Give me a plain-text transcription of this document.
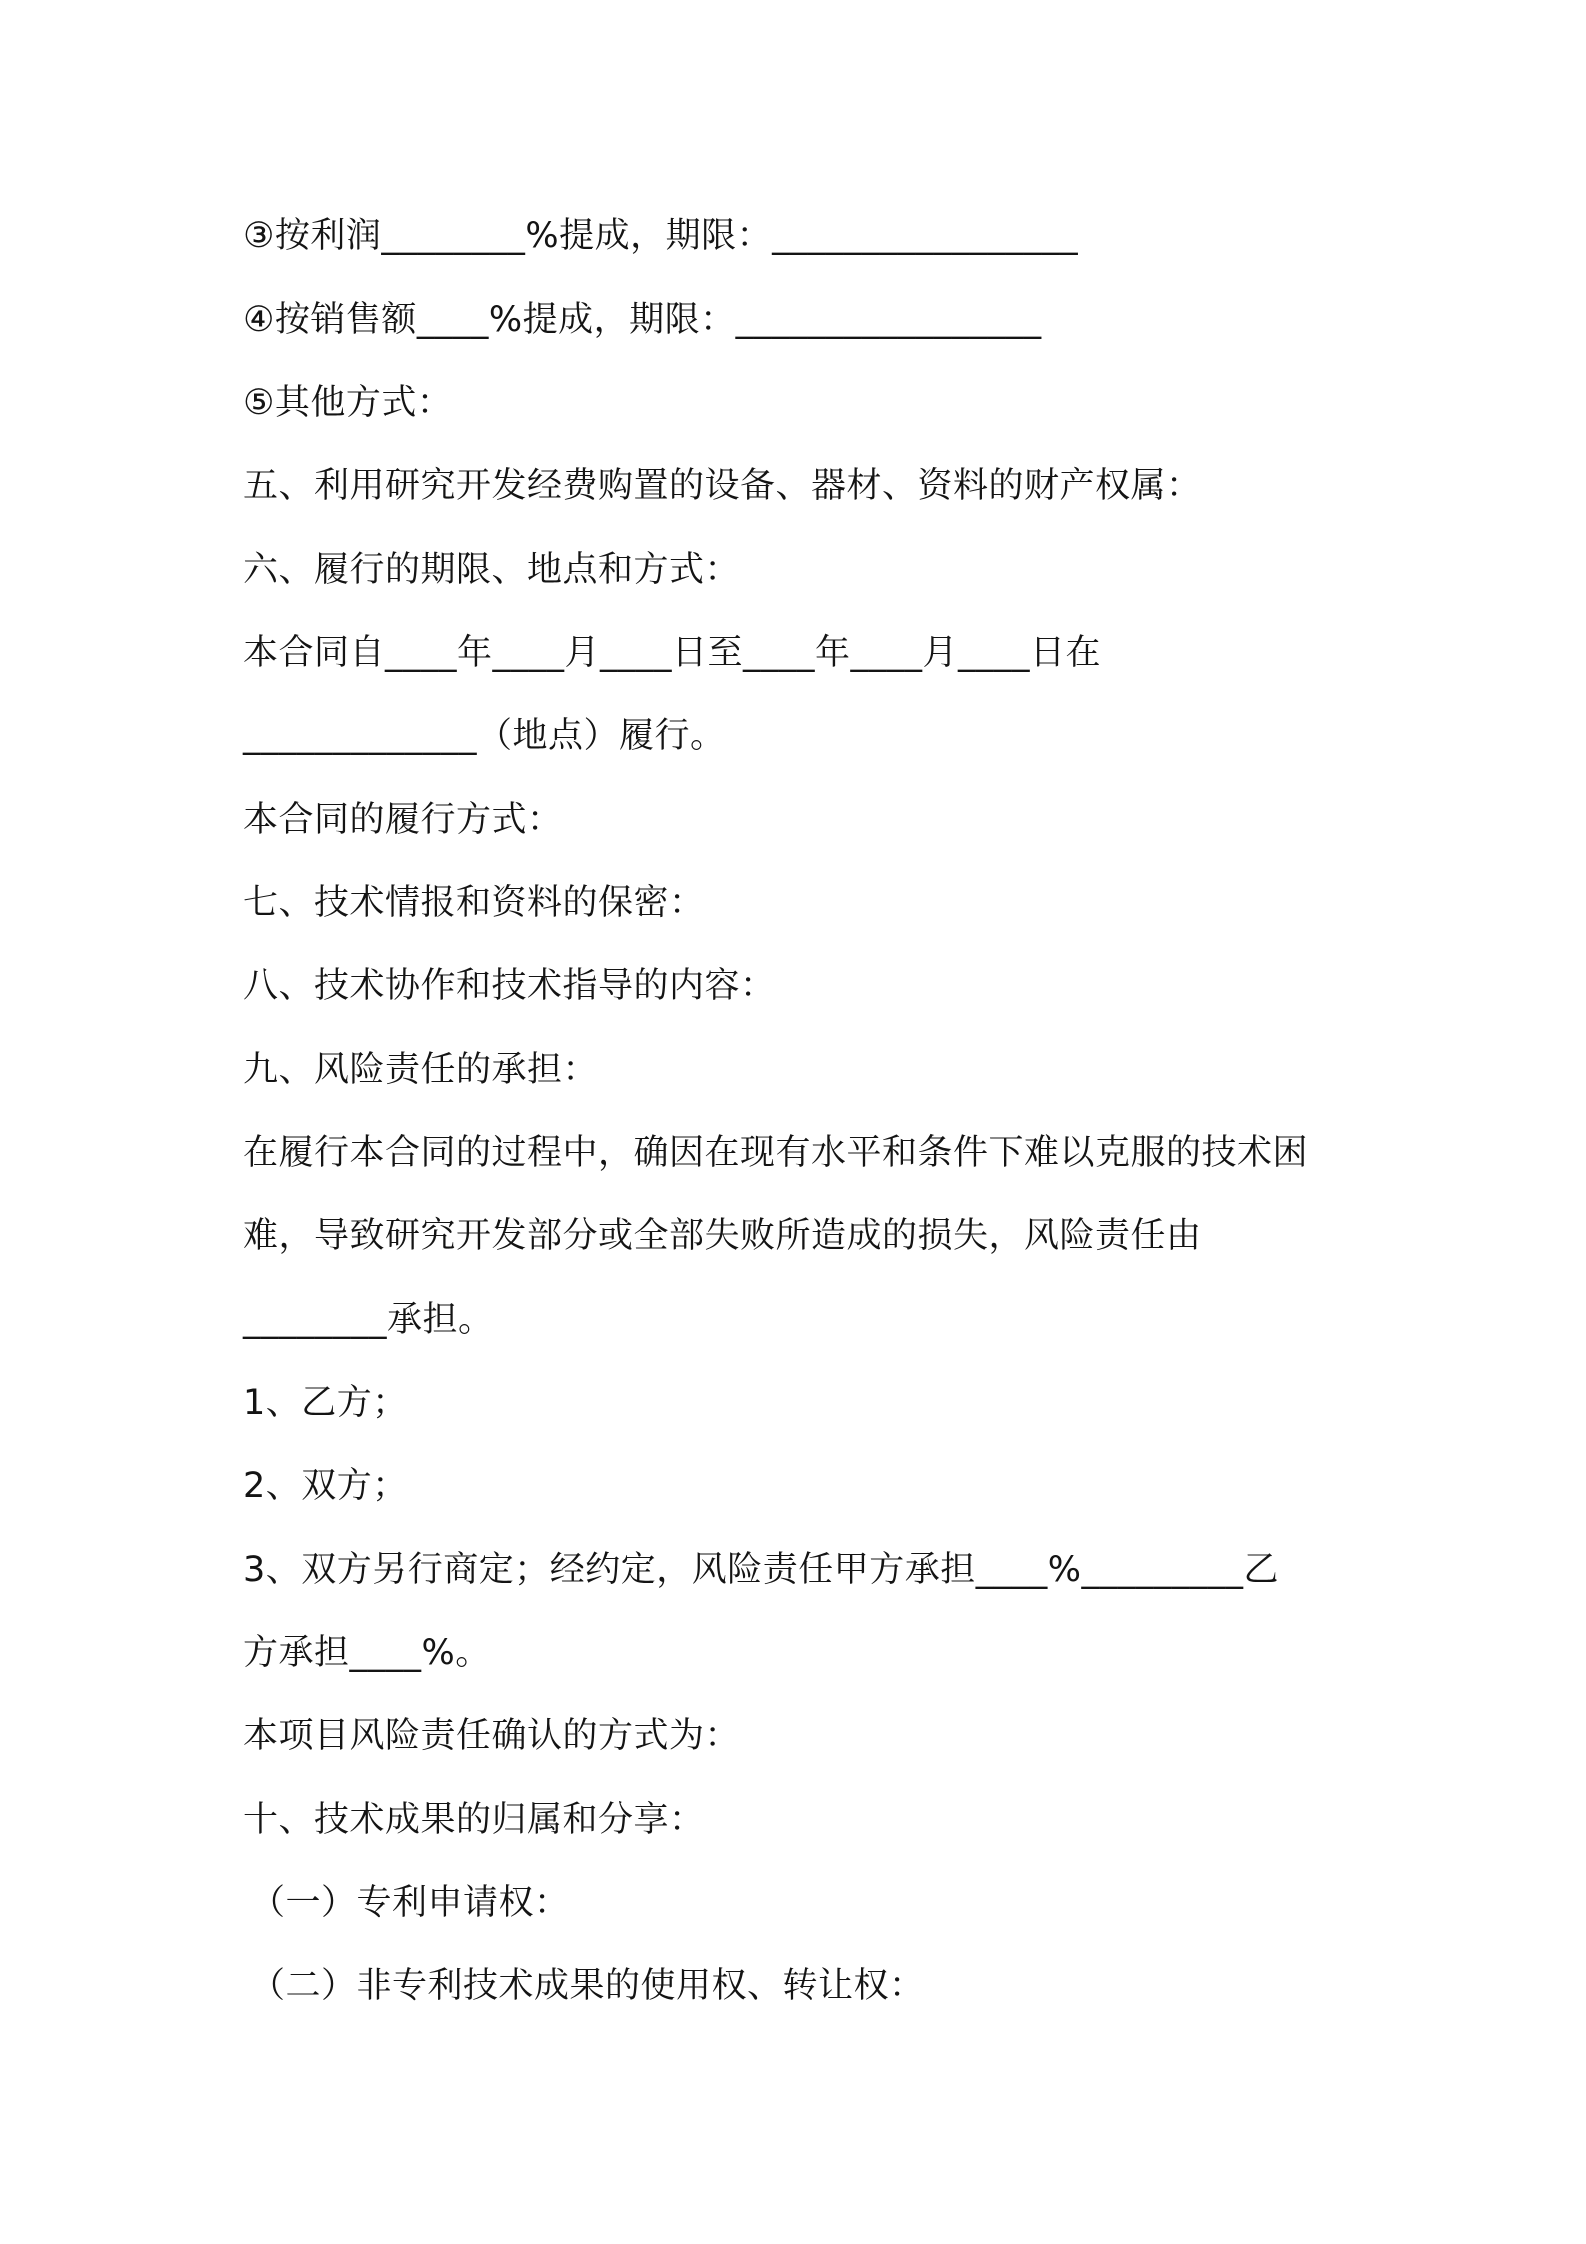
③按利润________%提成，期限：_________________
④按销售额____%提成，期限：_________________
⑤其他方式：
五、利用研究开发经费购置的设备、器材、资料的财产权属：
六、履行的期限、地点和方式：
本合同自____年____月____日至____年____月____日在
_____________（地点）履行。
本合同的履行方式：
七、技术情报和资料的保密：
八、技术协作和技术指导的内容：
九、风险责任的承担：
在履行本合同的过程中，确因在现有水平和条件下难以克服的技术困
难，导致研究开发部分或全部失败所造成的损失，风险责任由
________承担。
1、乙方；
2、双方；
3、双方另行商定；经约定，风险责任甲方承担____%_________乙
方承担____%。
本项目风险责任确认的方式为：
十、技术成果的归属和分享：
（一）专利申请权：
（二）非专利技术成果的使用权、转让权：
